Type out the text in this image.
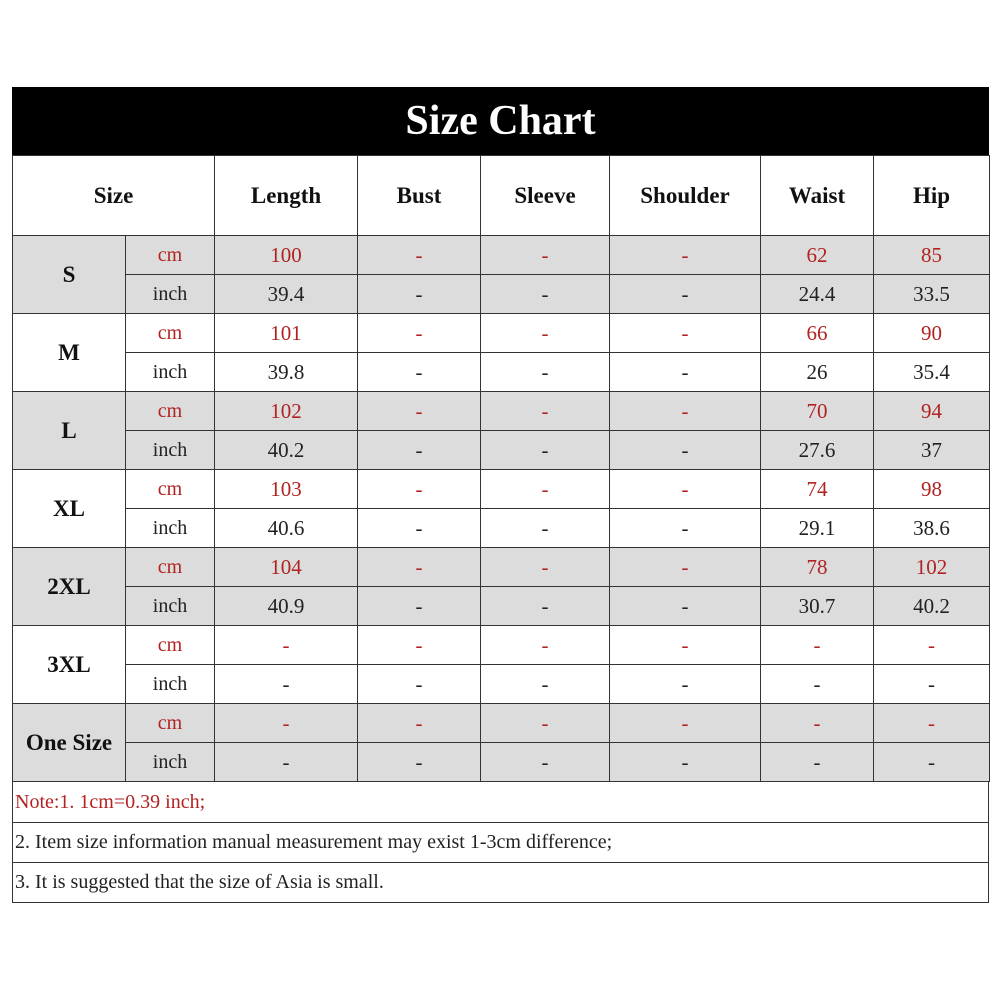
Size Chart
Size		Length	Bust	Sleeve	Shoulder	Waist	Hip
S	cm	100	-	-	-	62	85
	inch	39.4	-	-	-	24.4	33.5
M	cm	101	-	-	-	66	90
	inch	39.8	-	-	-	26	35.4
L	cm	102	-	-	-	70	94
	inch	40.2	-	-	-	27.6	37
XL	cm	103	-	-	-	74	98
	inch	40.6	-	-	-	29.1	38.6
2XL	cm	104	-	-	-	78	102
	inch	40.9	-	-	-	30.7	40.2
3XL	cm	-	-	-	-	-	-
	inch	-	-	-	-	-	-
One Size	cm	-	-	-	-	-	-
	inch	-	-	-	-	-	-
Note:1. 1cm=0.39 inch;
2. Item size information manual measurement may exist 1-3cm difference;
3. It is suggested that the size of Asia is small.
